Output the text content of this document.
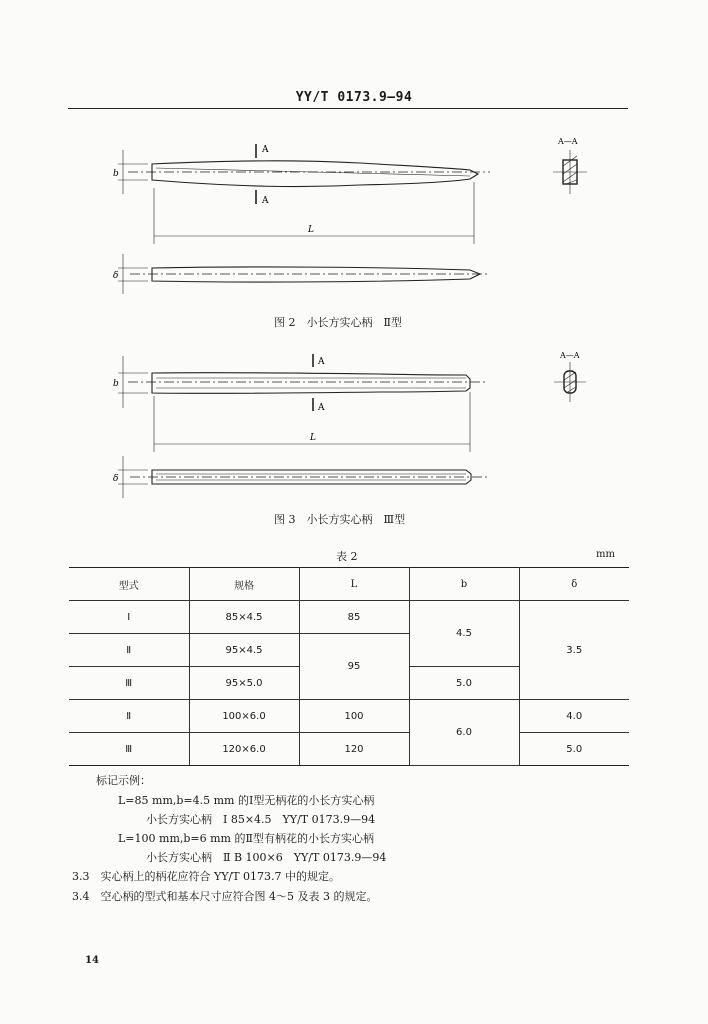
YY/T 0173.9—94
A
A
b
L
δ
A—A
图 2　小长方实心柄　Ⅱ型
A
A
b
L
δ
A—A
图 3　小长方实心柄　Ⅲ型
表 2	mm
型式	规格	L	b	δ
Ⅰ	85×4.5	85	4.5	3.5
Ⅱ	95×4.5	95		
Ⅲ	95×5.0		5.0	
Ⅱ	100×6.0	100	6.0	4.0
Ⅲ	120×6.0	120		5.0
标记示例：
L=85 mm,b=4.5 mm 的Ⅰ型无柄花的小长方实心柄
小长方实心柄　Ⅰ 85×4.5　YY/T 0173.9—94
L=100 mm,b=6 mm 的Ⅱ型有柄花的小长方实心柄
小长方实心柄　Ⅱ B 100×6　YY/T 0173.9—94
3.3　 实心柄上的柄花应符合 YY/T 0173.7 中的规定。
3.4　 空心柄的型式和基本尺寸应符合图 4～5 及表 3 的规定。
14
